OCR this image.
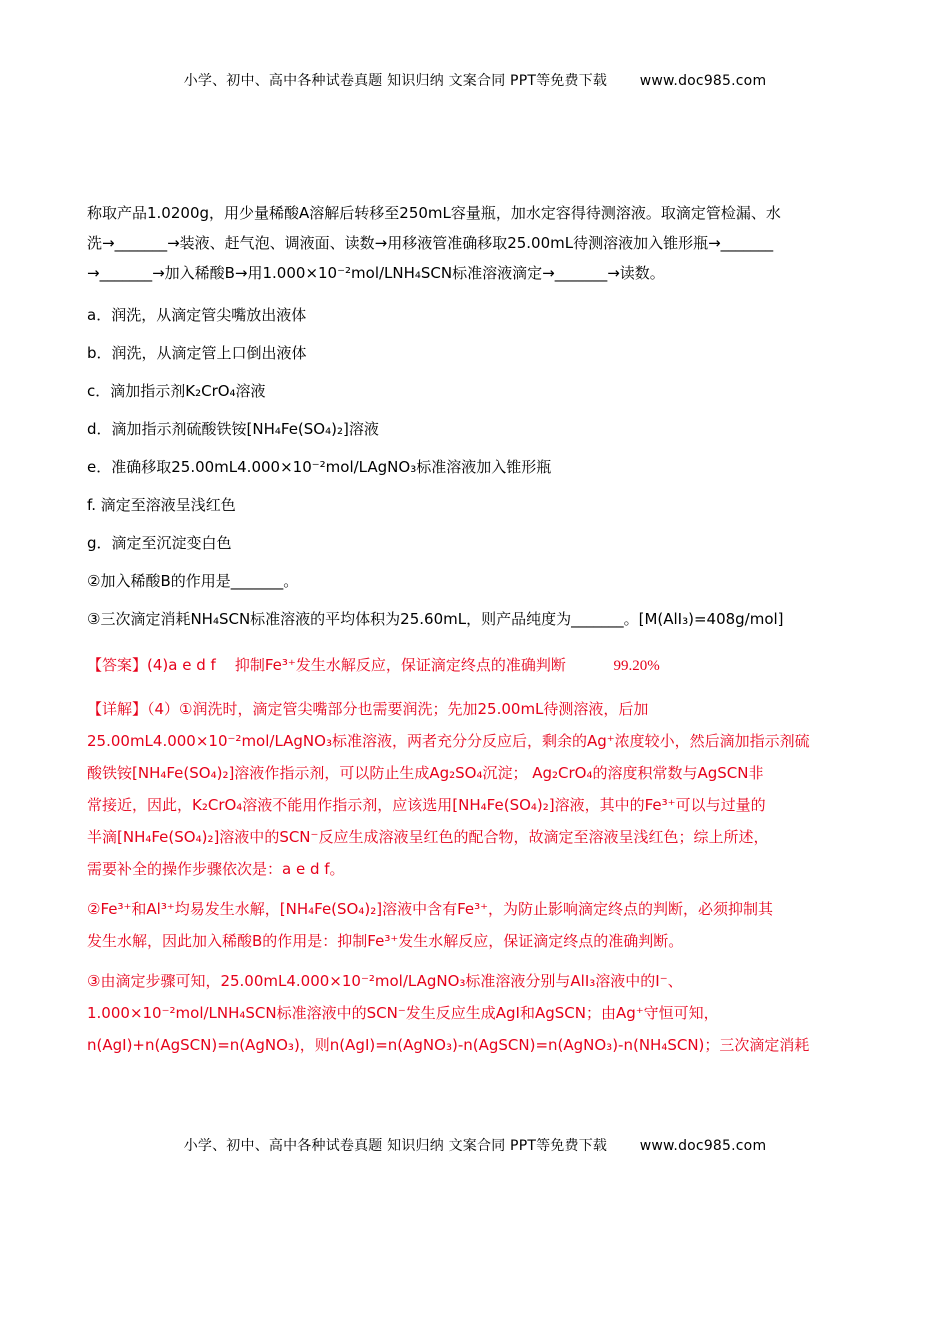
小学、初中、高中各种试卷真题 知识归纳 文案合同 PPT等免费下载 www.doc985.com

称取产品1.0200g，用少量稀酸A溶解后转移至250mL容量瓶，加水定容得待测溶液。取滴定管检漏、水

洗→_______→装液、赶气泡、调液面、读数→用移液管准确移取25.00mL待测溶液加入锥形瓶→_______

→_______→加入稀酸B→用1.000×10⁻²mol/LNH₄SCN标准溶液滴定→_______→读数。

a．润洗，从滴定管尖嘴放出液体

b．润洗，从滴定管上口倒出液体

c．滴加指示剂K₂CrO₄溶液

d．滴加指示剂硫酸铁铵[NH₄Fe(SO₄)₂]溶液

e．准确移取25.00mL4.000×10⁻²mol/LAgNO₃标准溶液加入锥形瓶

f. 滴定至溶液呈浅红色

g．滴定至沉淀变白色

②加入稀酸B的作用是_______。

③三次滴定消耗NH₄SCN标准溶液的平均体积为25.60mL，则产品纯度为_______。[M(AlI₃)=408g/mol]

【答案】(4)a e d f 抑制Fe³⁺发生水解反应，保证滴定终点的准确判断	99.20%

【详解】（4）①润洗时，滴定管尖嘴部分也需要润洗；先加25.00mL待测溶液，后加

25.00mL4.000×10⁻²mol/LAgNO₃标准溶液，两者充分分反应后，剩余的Ag⁺浓度较小，然后滴加指示剂硫

酸铁铵[NH₄Fe(SO₄)₂]溶液作指示剂，可以防止生成Ag₂SO₄沉淀； Ag₂CrO₄的溶度积常数与AgSCN非

常接近，因此，K₂CrO₄溶液不能用作指示剂，应该选用[NH₄Fe(SO₄)₂]溶液，其中的Fe³⁺可以与过量的

半滴[NH₄Fe(SO₄)₂]溶液中的SCN⁻反应生成溶液呈红色的配合物，故滴定至溶液呈浅红色；综上所述，

需要补全的操作步骤依次是：a e d f。

②Fe³⁺和Al³⁺均易发生水解，[NH₄Fe(SO₄)₂]溶液中含有Fe³⁺，为防止影响滴定终点的判断，必须抑制其

发生水解，因此加入稀酸B的作用是：抑制Fe³⁺发生水解反应，保证滴定终点的准确判断。

③由滴定步骤可知，25.00mL4.000×10⁻²mol/LAgNO₃标准溶液分别与AlI₃溶液中的I⁻、

1.000×10⁻²mol/LNH₄SCN标准溶液中的SCN⁻发生反应生成AgI和AgSCN；由Ag⁺守恒可知，

n(AgI)+n(AgSCN)=n(AgNO₃)，则n(AgI)=n(AgNO₃)-n(AgSCN)=n(AgNO₃)-n(NH₄SCN)；三次滴定消耗

小学、初中、高中各种试卷真题 知识归纳 文案合同 PPT等免费下载 www.doc985.com
